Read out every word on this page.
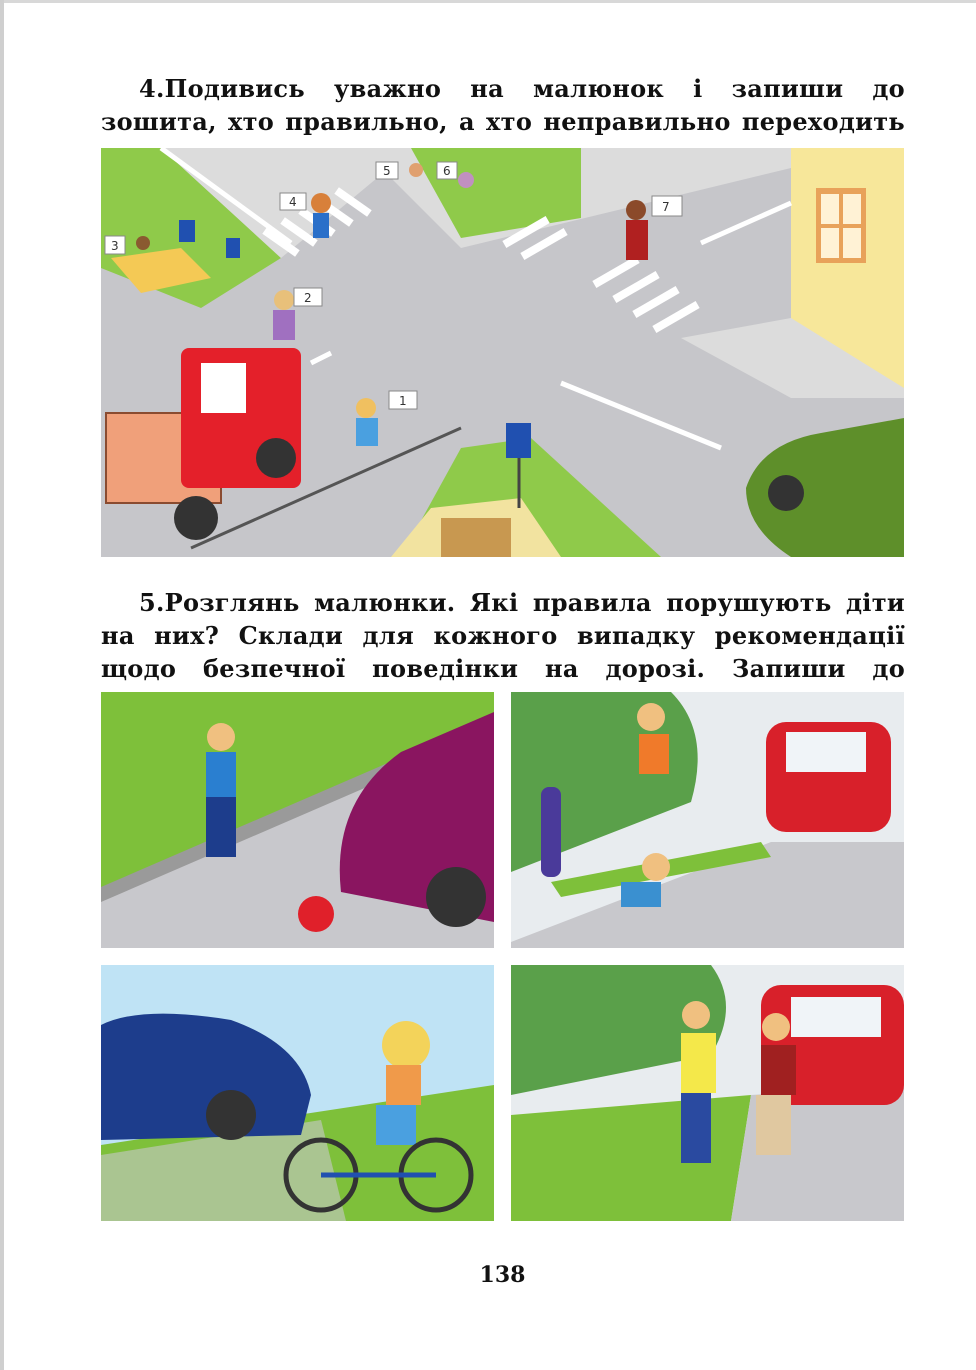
4.Подивись уважно на малюнок і запиши до зошита, хто правильно, а хто неправильно переходить
1
2
3
4
5	6
7
5.Розглянь малюнки. Які правила порушують діти на них? Склади для кожного випадку рекомендації щодо безпечної поведінки на дорозі. Запиши до
138
